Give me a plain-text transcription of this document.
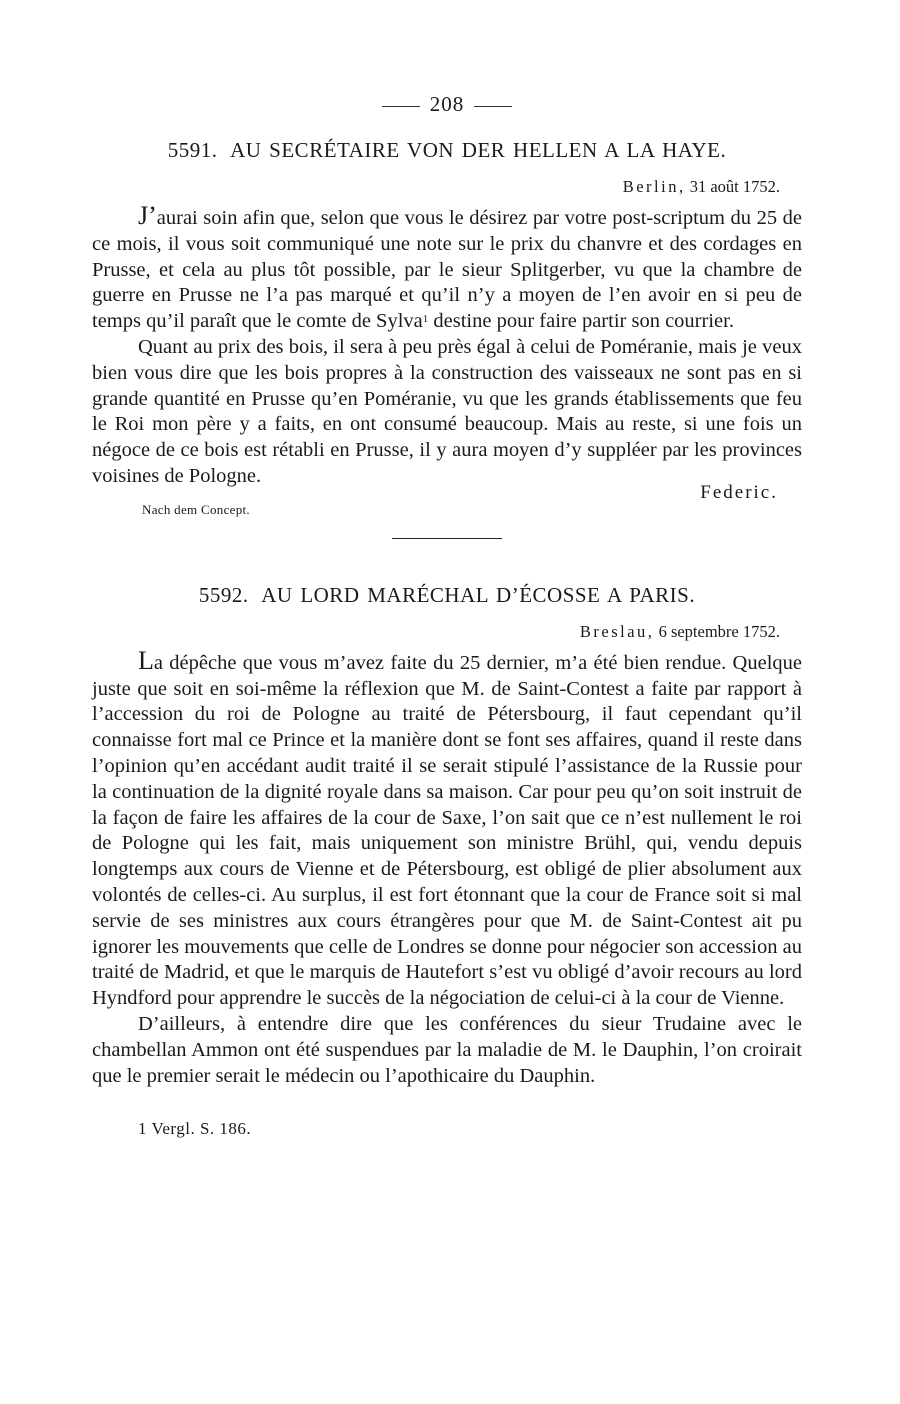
208
5591. AU SECRÉTAIRE VON DER HELLEN A LA HAYE.
Berlin, 31 août 1752.

J’aurai soin afin que, selon que vous le désirez par votre post-scriptum du 25 de ce mois, il vous soit communiqué une note sur le prix du chanvre et des cordages en Prusse, et cela au plus tôt possible, par le sieur Splitgerber, vu que la chambre de guerre en Prusse ne l’a pas marqué et qu’il n’y a moyen de l’en avoir en si peu de temps qu’il paraît que le comte de Sylva$^1$ destine pour faire partir son courrier.

Quant au prix des bois, il sera à peu près égal à celui de Poméranie, mais je veux bien vous dire que les bois propres à la construction des vaisseaux ne sont pas en si grande quantité en Prusse qu’en Poméranie, vu que les grands établissements que feu le Roi mon père y a faits, en ont consumé beaucoup. Mais au reste, si une fois un négoce de ce bois est rétabli en Prusse, il y aura moyen d’y suppléer par les provinces voisines de Pologne.

Federic.
Nach dem Concept.
5592. AU LORD MARÉCHAL D’ÉCOSSE A PARIS.
Breslau, 6 septembre 1752.

La dépêche que vous m’avez faite du 25 dernier, m’a été bien rendue. Quelque juste que soit en soi-même la réflexion que M. de Saint-Contest a faite par rapport à l’accession du roi de Pologne au traité de Pétersbourg, il faut cependant qu’il connaisse fort mal ce Prince et la manière dont se font ses affaires, quand il reste dans l’opinion qu’en accédant audit traité il se serait stipulé l’assistance de la Russie pour la continuation de la dignité royale dans sa maison. Car pour peu qu’on soit instruit de la façon de faire les affaires de la cour de Saxe, l’on sait que ce n’est nullement le roi de Pologne qui les fait, mais uniquement son ministre Brühl, qui, vendu depuis longtemps aux cours de Vienne et de Pétersbourg, est obligé de plier absolument aux volontés de celles-ci. Au surplus, il est fort étonnant que la cour de France soit si mal servie de ses ministres aux cours étrangères pour que M. de Saint-Contest ait pu ignorer les mouvements que celle de Londres se donne pour négocier son accession au traité de Madrid, et que le marquis de Hautefort s’est vu obligé d’avoir recours au lord Hyndford pour apprendre le succès de la négociation de celui-ci à la cour de Vienne.

D’ailleurs, à entendre dire que les conférences du sieur Trudaine avec le chambellan Ammon ont été suspendues par la maladie de M. le Dauphin, l’on croirait que le premier serait le médecin ou l’apothicaire du Dauphin.

1 Vergl. S. 186.
